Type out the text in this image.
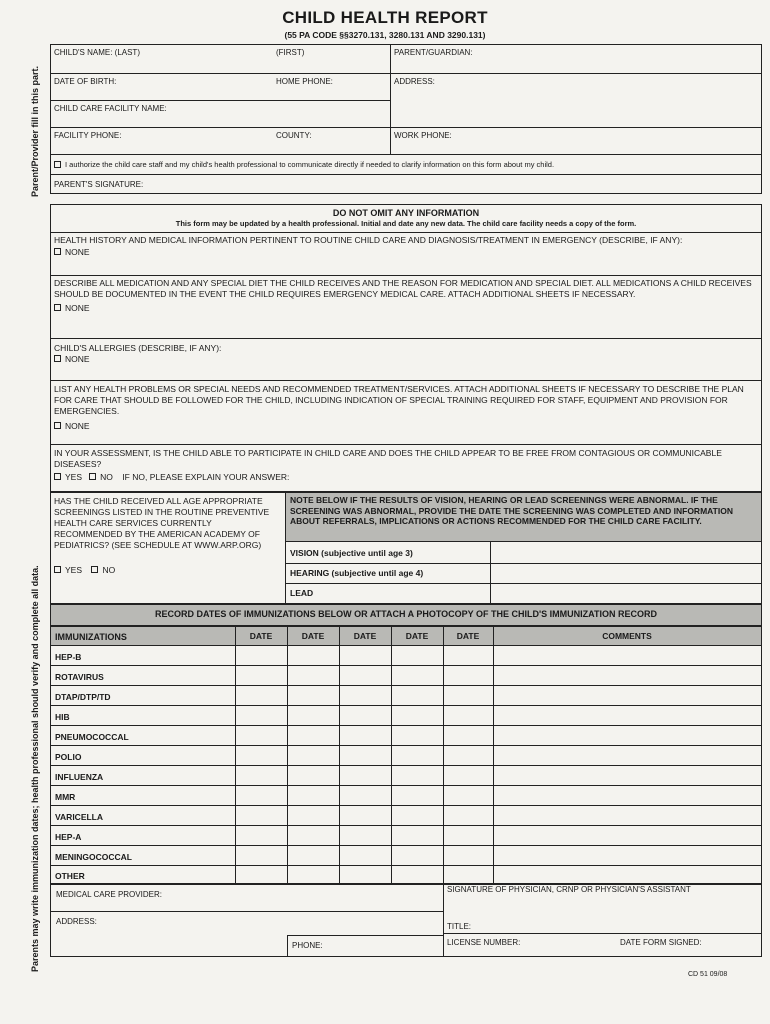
CHILD HEALTH REPORT
(55 PA CODE §§3270.131, 3280.131 AND 3290.131)
Parent/Provider fill in this part.
Parents may write immunization dates; health professional should verify and complete all data.
CHILD'S NAME: (LAST)	(FIRST)	PARENT/GUARDIAN:
DATE OF BIRTH:	HOME PHONE:	ADDRESS:
CHILD CARE FACILITY NAME:
FACILITY PHONE:	COUNTY:	WORK PHONE:
I authorize the child care staff and my child's health professional to communicate directly if needed to clarify information on this form about my child.
PARENT'S SIGNATURE:
DO NOT OMIT ANY INFORMATION
This form may be updated by a health professional. Initial and date any new data. The child care facility needs a copy of the form.
HEALTH HISTORY AND MEDICAL INFORMATION PERTINENT TO ROUTINE CHILD CARE AND DIAGNOSIS/TREATMENT IN EMERGENCY (DESCRIBE, IF ANY):
NONE
DESCRIBE ALL MEDICATION AND ANY SPECIAL DIET THE CHILD RECEIVES AND THE REASON FOR MEDICATION AND SPECIAL DIET. ALL MEDICATIONS A CHILD RECEIVES SHOULD BE DOCUMENTED IN THE EVENT THE CHILD REQUIRES EMERGENCY MEDICAL CARE. ATTACH ADDITIONAL SHEETS IF NECESSARY.
NONE
CHILD'S ALLERGIES (DESCRIBE, IF ANY):
NONE
LIST ANY HEALTH PROBLEMS OR SPECIAL NEEDS AND RECOMMENDED TREATMENT/SERVICES. ATTACH ADDITIONAL SHEETS IF NECESSARY TO DESCRIBE THE PLAN FOR CARE THAT SHOULD BE FOLLOWED FOR THE CHILD, INCLUDING INDICATION OF SPECIAL TRAINING REQUIRED FOR STAFF, EQUIPMENT AND PROVISION FOR EMERGENCIES.
NONE
IN YOUR ASSESSMENT, IS THE CHILD ABLE TO PARTICIPATE IN CHILD CARE AND DOES THE CHILD APPEAR TO BE FREE FROM CONTAGIOUS OR COMMUNICABLE DISEASES?
YES NO IF NO, PLEASE EXPLAIN YOUR ANSWER:
NOTE BELOW IF THE RESULTS OF VISION, HEARING OR LEAD SCREENINGS WERE ABNORMAL. IF THE SCREENING WAS ABNORMAL, PROVIDE THE DATE THE SCREENING WAS COMPLETED AND INFORMATION ABOUT REFERRALS, IMPLICATIONS OR ACTIONS RECOMMENDED FOR THE CHILD CARE FACILITY.
HAS THE CHILD RECEIVED ALL AGE APPROPRIATE SCREENINGS LISTED IN THE ROUTINE PREVENTIVE HEALTH CARE SERVICES CURRENTLY RECOMMENDED BY THE AMERICAN ACADEMY OF PEDIATRICS? (SEE SCHEDULE AT WWW.ARP.ORG)
YES NO
VISION (subjective until age 3)
HEARING (subjective until age 4)
LEAD
RECORD DATES OF IMMUNIZATIONS BELOW OR ATTACH A PHOTOCOPY OF THE CHILD'S IMMUNIZATION RECORD
IMMUNIZATIONS	DATE	DATE	DATE	DATE	DATE	COMMENTS
HEP-B
ROTAVIRUS
DTAP/DTP/TD
HIB
PNEUMOCOCCAL
POLIO
INFLUENZA
MMR
VARICELLA
HEP-A
MENINGOCOCCAL
OTHER
MEDICAL CARE PROVIDER:
SIGNATURE OF PHYSICIAN, CRNP OR PHYSICIAN'S ASSISTANT
ADDRESS:
TITLE:
PHONE:	LICENSE NUMBER:	DATE FORM SIGNED:
CD 51 09/08
